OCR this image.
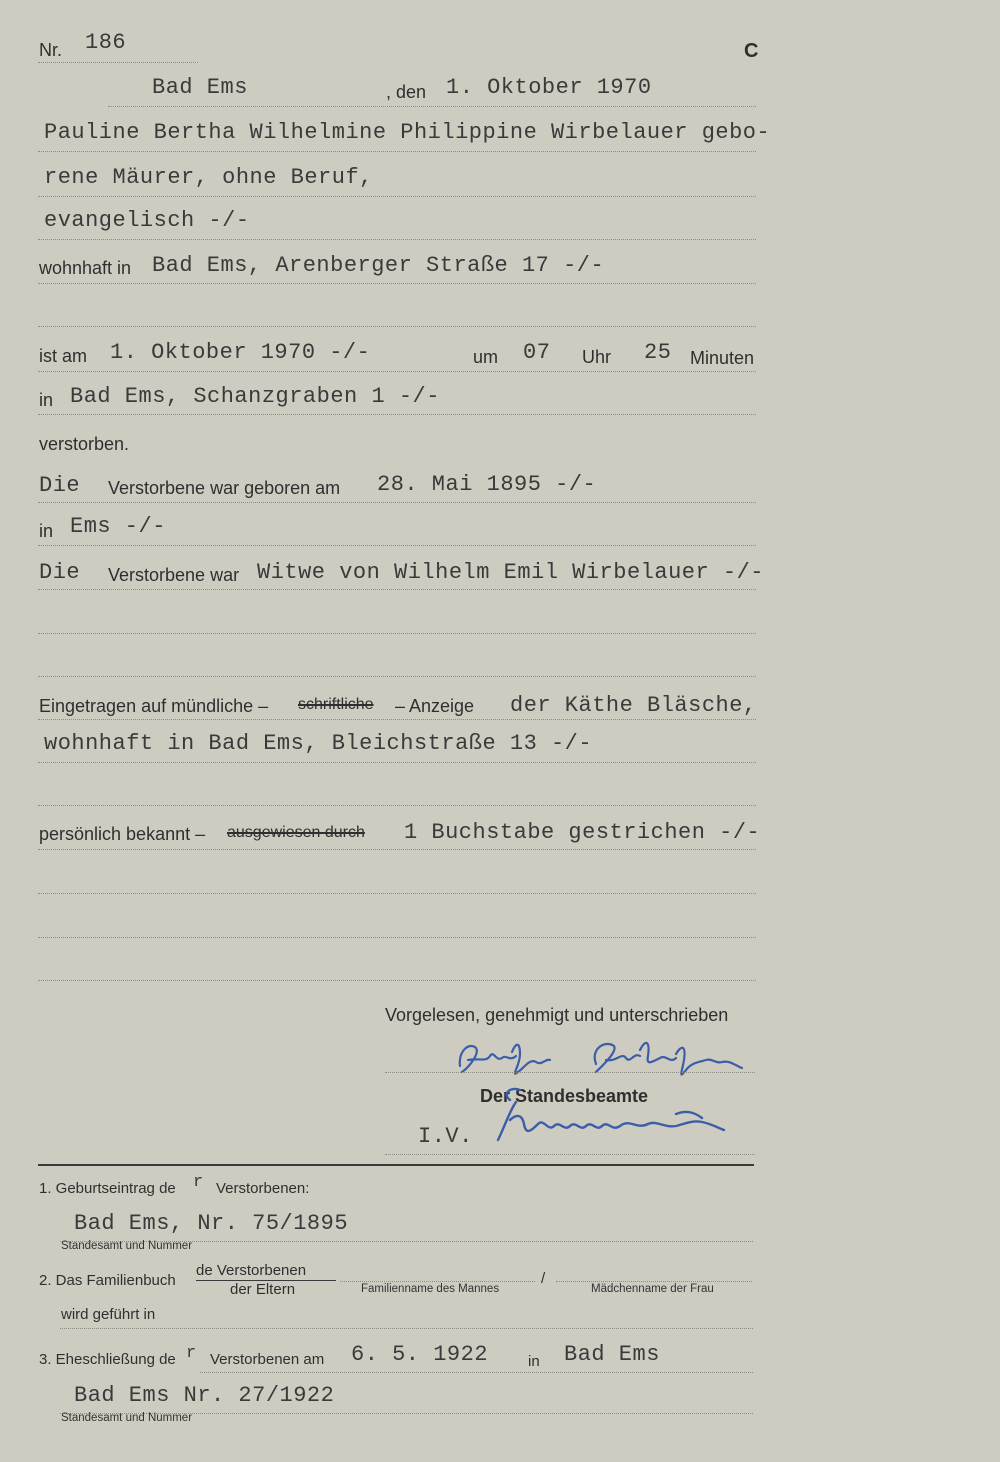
Nr. 186	C
Bad Ems	, den 1. Oktober 1970
Pauline Bertha Wilhelmine Philippine Wirbelauer gebo-
rene Mäurer, ohne Beruf,
evangelisch -/-
wohnhaft in Bad Ems, Arenberger Straße 17 -/-
ist am 1. Oktober 1970 -/-	um 07 Uhr 25 Minuten
in Bad Ems, Schanzgraben 1 -/-
verstorben.
Die Verstorbene war geboren am 28. Mai 1895 -/-
in Ems -/-
Die Verstorbene war Witwe von Wilhelm Emil Wirbelauer -/-
Eingetragen auf mündliche – schriftliche – Anzeige der Käthe Bläsche,
wohnhaft in Bad Ems, Bleichstraße 13 -/-
persönlich bekannt – ausgewiesen durch 1 Buchstabe gestrichen -/-
Vorgelesen, genehmigt und unterschrieben
Der Standesbeamte
I.V.
1. Geburtseintrag de r Verstorbenen:
Bad Ems, Nr. 75/1895
Standesamt und Nummer
2. Das Familienbuch
de Verstorbenen
der Eltern	Familienname des Mannes
/
Mädchenname der Frau
wird geführt in
3. Eheschließung de r Verstorbenen am 6. 5. 1922	in Bad Ems
Bad Ems Nr. 27/1922
Standesamt und Nummer
